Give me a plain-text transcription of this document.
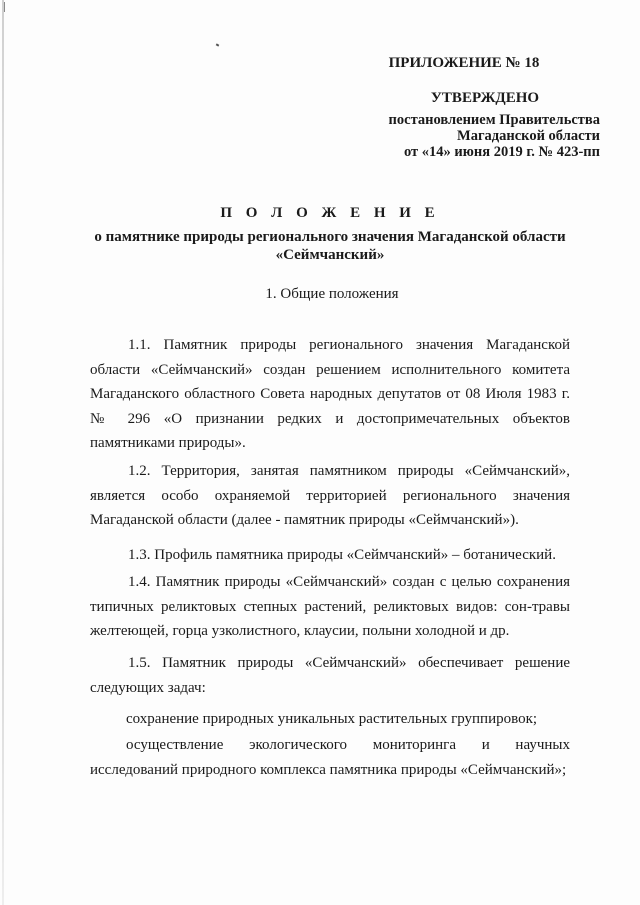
ПРИЛОЖЕНИЕ № 18
УТВЕРЖДЕНО
постановлением Правительства
Магаданской области
от «14» июня 2019 г. № 423-пп
П О Л О Ж Е Н И Е
о памятнике природы регионального значения Магаданской области
«Сеймчанский»
1. Общие положения

1.1. Памятник природы регионального значения Магаданской области «Сеймчанский» создан решением исполнительного комитета Магаданского областного Совета народных депутатов от 08 Июля 1983 г. № 296 «О признании редких и достопримечательных объектов памятниками природы».

1.2. Территория, занятая памятником природы «Сеймчанский», является особо охраняемой территорией регионального значения Магаданской области (далее - памятник природы «Сеймчанский»).

1.3. Профиль памятника природы «Сеймчанский» – ботанический.

1.4. Памятник природы «Сеймчанский» создан с целью сохранения типичных реликтовых степных растений, реликтовых видов: сон-травы желтеющей, горца узколистного, клаусии, полыни холодной и др.

1.5. Памятник природы «Сеймчанский» обеспечивает решение следующих задач:

сохранение природных уникальных растительных группировок;

осуществление экологического мониторинга и научных исследований природного комплекса памятника природы «Сеймчанский»;
